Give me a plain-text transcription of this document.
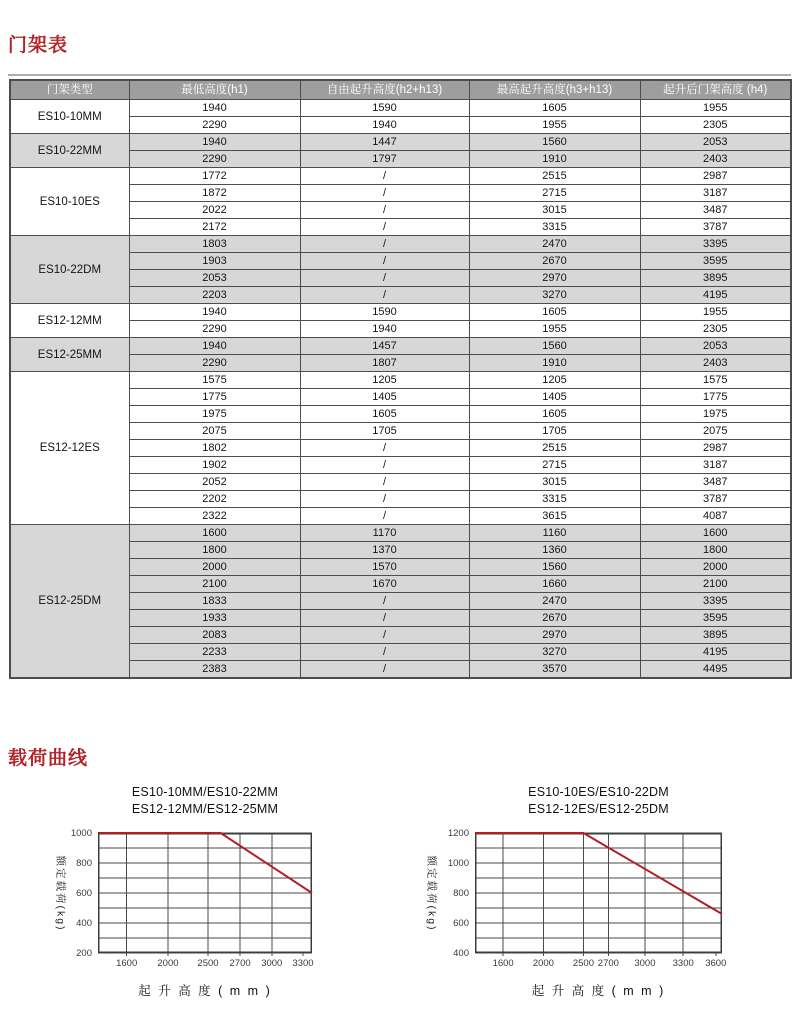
门架表
门架类型	最低高度(h1)	自由起升高度(h2+h13)	最高起升高度(h3+h13)	起升后门架高度 (h4)
ES10-10MM	1940	1590	1605	1955
	2290	1940	1955	2305
ES10-22MM	1940	1447	1560	2053
	2290	1797	1910	2403
ES10-10ES	1772	/	2515	2987
	1872	/	2715	3187
	2022	/	3015	3487
	2172	/	3315	3787
ES10-22DM	1803	/	2470	3395
	1903	/	2670	3595
	2053	/	2970	3895
	2203	/	3270	4195
ES12-12MM	1940	1590	1605	1955
	2290	1940	1955	2305
ES12-25MM	1940	1457	1560	2053
	2290	1807	1910	2403
ES12-12ES	1575	1205	1205	1575
	1775	1405	1405	1775
	1975	1605	1605	1975
	2075	1705	1705	2075
	1802	/	2515	2987
	1902	/	2715	3187
	2052	/	3015	3487
	2202	/	3315	3787
	2322	/	3615	4087
ES12-25DM	1600	1170	1160	1600
	1800	1370	1360	1800
	2000	1570	1560	2000
	2100	1670	1660	2100
	1833	/	2470	3395
	1933	/	2670	3595
	2083	/	2970	3895
	2233	/	3270	4195
	2383	/	3570	4495
载荷曲线
ES10-10MM/ES10-22MM
ES12-12MM/ES12-25MM
额定载荷(kg)
1000
800
600
400
200
1600 2000 2500 2700 3000 3300
起 升 高 度 ( m m )
ES10-10ES/ES10-22DM
ES12-12ES/ES12-25DM
额定载荷(kg)
1200
1000
800
600
400
1600 2000 2500 2700 3000 3300 3600
起 升 高 度 ( m m )
